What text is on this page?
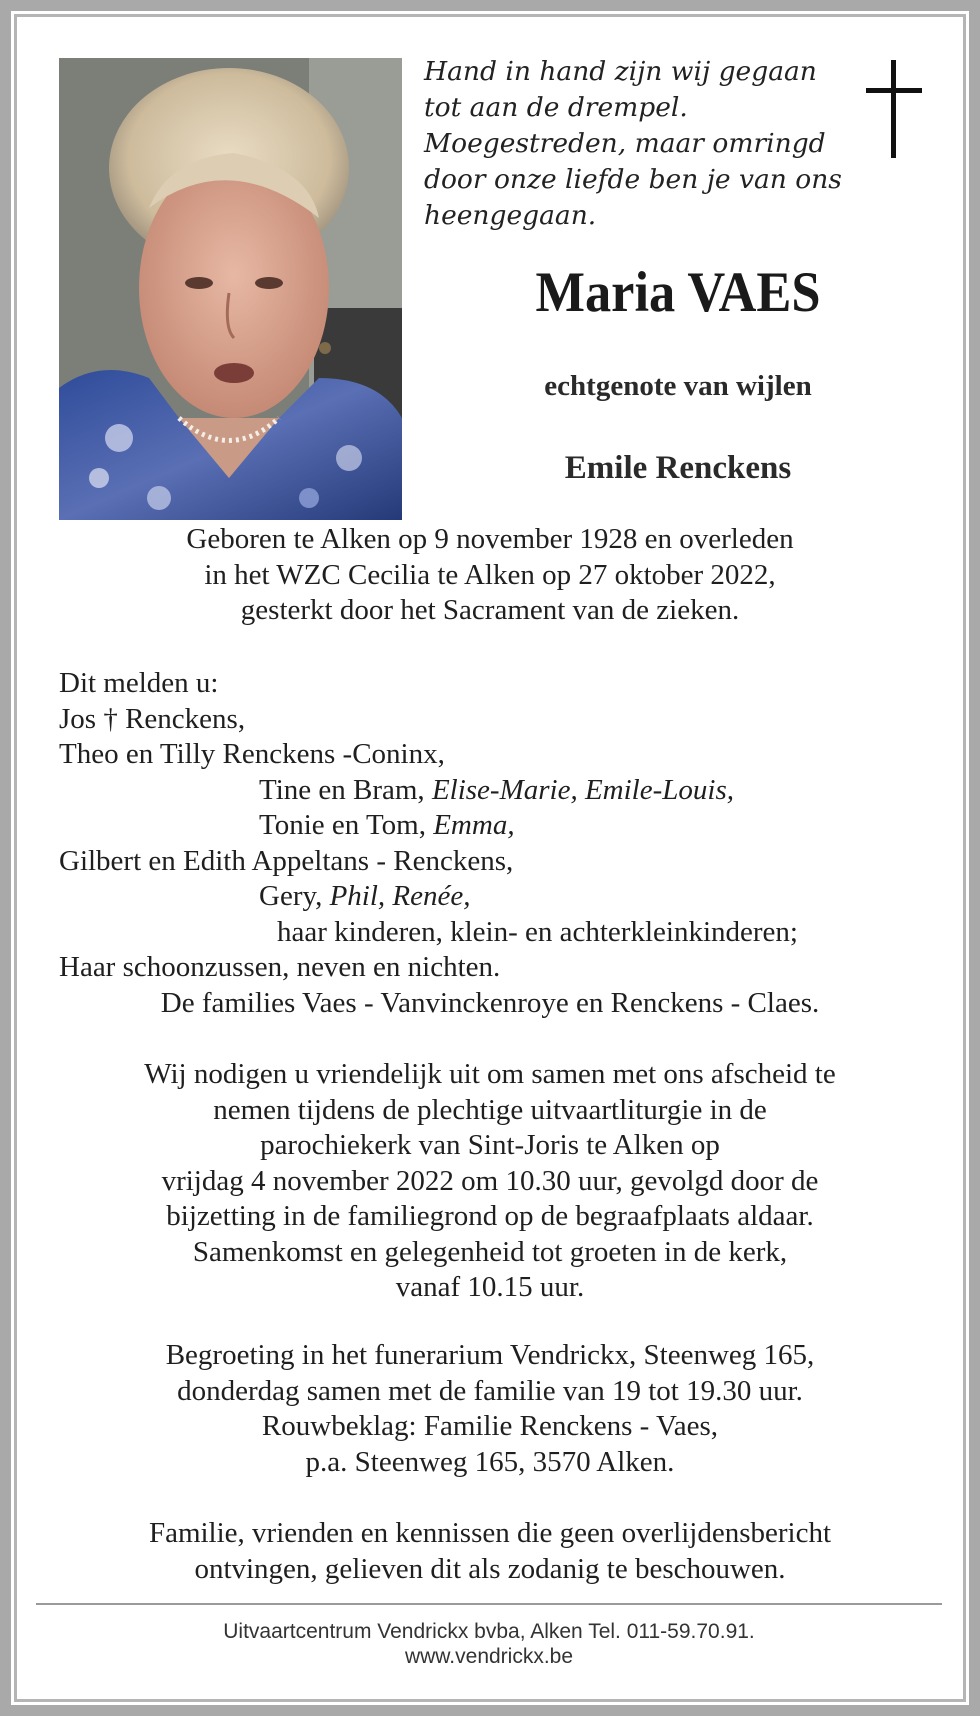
Hand in hand zijn wij gegaan
tot aan de drempel.
Moegestreden, maar omringd
door onze liefde ben je van ons
heengegaan.
Maria VAES
echtgenote van wijlen
Emile Renckens
Geboren te Alken op 9 november 1928 en overleden
in het WZC Cecilia te Alken op 27 oktober 2022,
gesterkt door het Sacrament van de zieken.
Dit melden u:
Jos † Renckens,
Theo en Tilly Renckens -Coninx,
Tine en Bram, Elise-Marie, Emile-Louis,
Tonie en Tom, Emma,
Gilbert en Edith Appeltans - Renckens,
Gery, Phil, Renée,
haar kinderen, klein- en achterkleinkinderen;
Haar schoonzussen, neven en nichten.
De families Vaes - Vanvinckenroye en Renckens - Claes.
Wij nodigen u vriendelijk uit om samen met ons afscheid te
nemen tijdens de plechtige uitvaartliturgie in de
parochiekerk van Sint-Joris te Alken op
vrijdag 4 november 2022 om 10.30 uur, gevolgd door de
bijzetting in de familiegrond op de begraafplaats aldaar.
Samenkomst en gelegenheid tot groeten in de kerk,
vanaf 10.15 uur.
Begroeting in het funerarium Vendrickx, Steenweg 165,
donderdag samen met de familie van 19 tot 19.30 uur.
Rouwbeklag: Familie Renckens - Vaes,
p.a. Steenweg 165, 3570 Alken.
Familie, vrienden en kennissen die geen overlijdensbericht
ontvingen, gelieven dit als zodanig te beschouwen.
Uitvaartcentrum Vendrickx bvba, Alken Tel. 011-59.70.91.
www.vendrickx.be
